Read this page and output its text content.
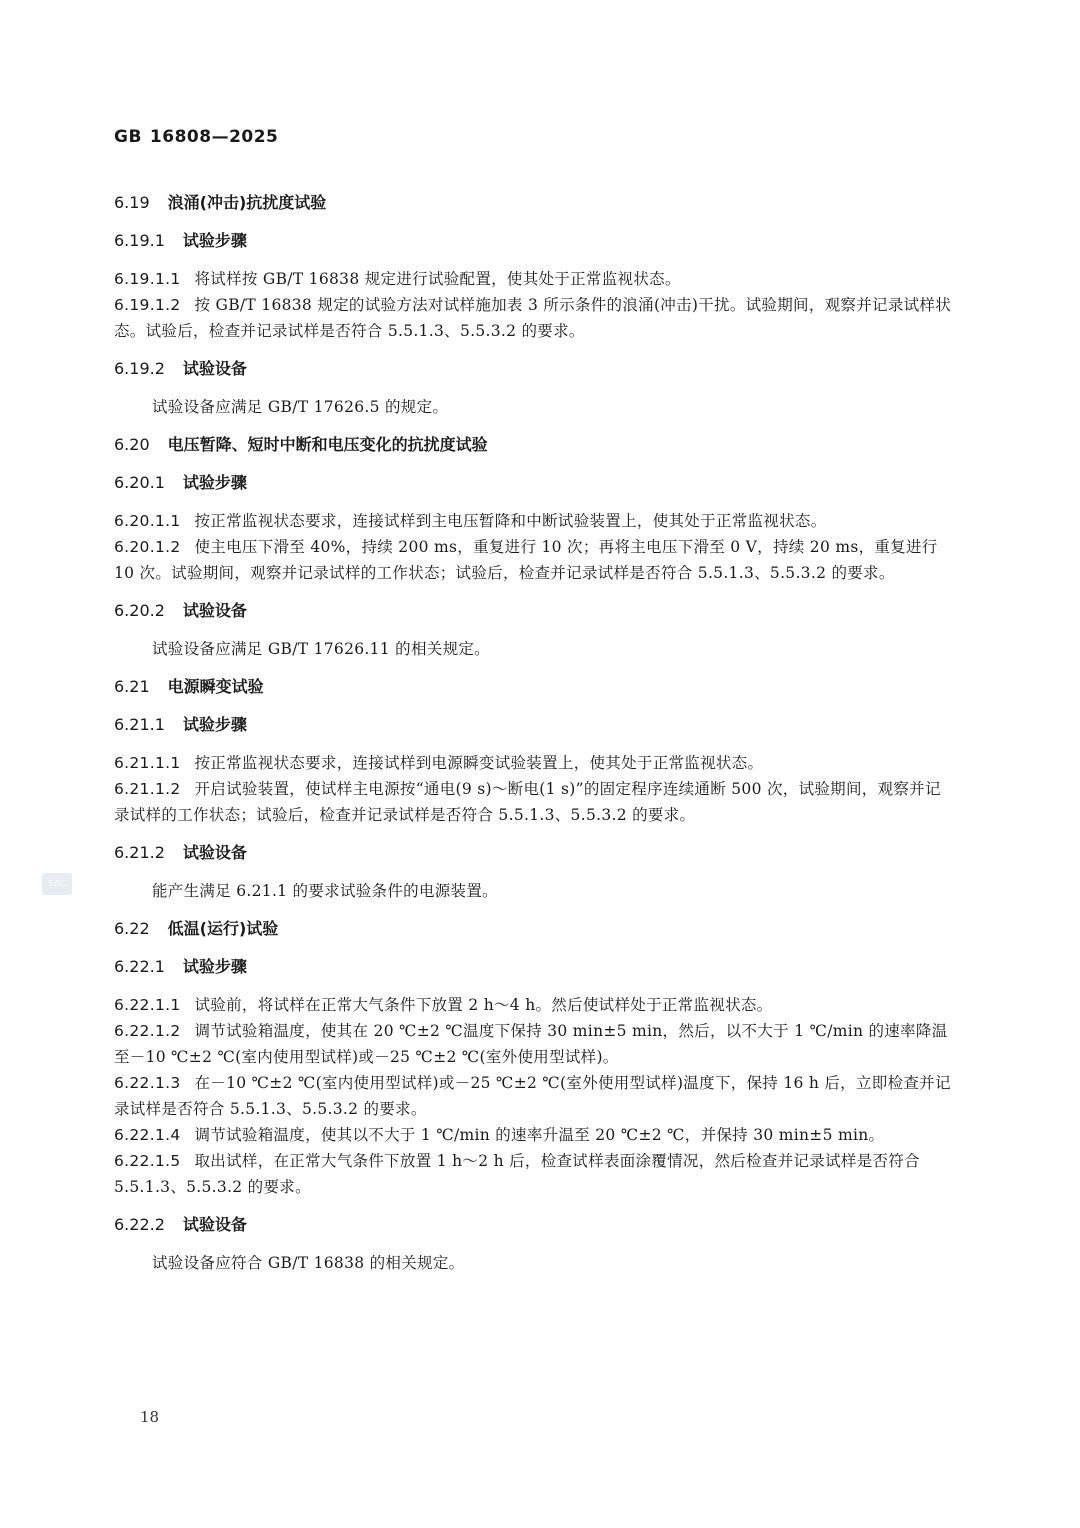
GB 16808—2025
SAC

6.19 浪涌(冲击)抗扰度试验

6.19.1 试验步骤

6.19.1.1 将试样按 GB/T 16838 规定进行试验配置，使其处于正常监视状态。

6.19.1.2 按 GB/T 16838 规定的试验方法对试样施加表 3 所示条件的浪涌(冲击)干扰。试验期间，观察并记录试样状态。试验后，检查并记录试样是否符合 5.5.1.3、5.5.3.2 的要求。

6.19.2 试验设备

试验设备应满足 GB/T 17626.5 的规定。

6.20 电压暂降、短时中断和电压变化的抗扰度试验

6.20.1 试验步骤

6.20.1.1 按正常监视状态要求，连接试样到主电压暂降和中断试验装置上，使其处于正常监视状态。

6.20.1.2 使主电压下滑至 40%，持续 200 ms，重复进行 10 次；再将主电压下滑至 0 V，持续 20 ms，重复进行 10 次。试验期间，观察并记录试样的工作状态；试验后，检查并记录试样是否符合 5.5.1.3、5.5.3.2 的要求。

6.20.2 试验设备

试验设备应满足 GB/T 17626.11 的相关规定。

6.21 电源瞬变试验

6.21.1 试验步骤

6.21.1.1 按正常监视状态要求，连接试样到电源瞬变试验装置上，使其处于正常监视状态。

6.21.1.2 开启试验装置，使试样主电源按“通电(9 s)～断电(1 s)”的固定程序连续通断 500 次，试验期间，观察并记录试样的工作状态；试验后，检查并记录试样是否符合 5.5.1.3、5.5.3.2 的要求。

6.21.2 试验设备

能产生满足 6.21.1 的要求试验条件的电源装置。

6.22 低温(运行)试验

6.22.1 试验步骤

6.22.1.1 试验前，将试样在正常大气条件下放置 2 h～4 h。然后使试样处于正常监视状态。

6.22.1.2 调节试验箱温度，使其在 20 ℃±2 ℃温度下保持 30 min±5 min，然后，以不大于 1 ℃/min 的速率降温至－10 ℃±2 ℃(室内使用型试样)或－25 ℃±2 ℃(室外使用型试样)。

6.22.1.3 在－10 ℃±2 ℃(室内使用型试样)或－25 ℃±2 ℃(室外使用型试样)温度下，保持 16 h 后，立即检查并记录试样是否符合 5.5.1.3、5.5.3.2 的要求。

6.22.1.4 调节试验箱温度，使其以不大于 1 ℃/min 的速率升温至 20 ℃±2 ℃，并保持 30 min±5 min。

6.22.1.5 取出试样，在正常大气条件下放置 1 h～2 h 后，检查试样表面涂覆情况，然后检查并记录试样是否符合 5.5.1.3、5.5.3.2 的要求。

6.22.2 试验设备

试验设备应符合 GB/T 16838 的相关规定。

18
